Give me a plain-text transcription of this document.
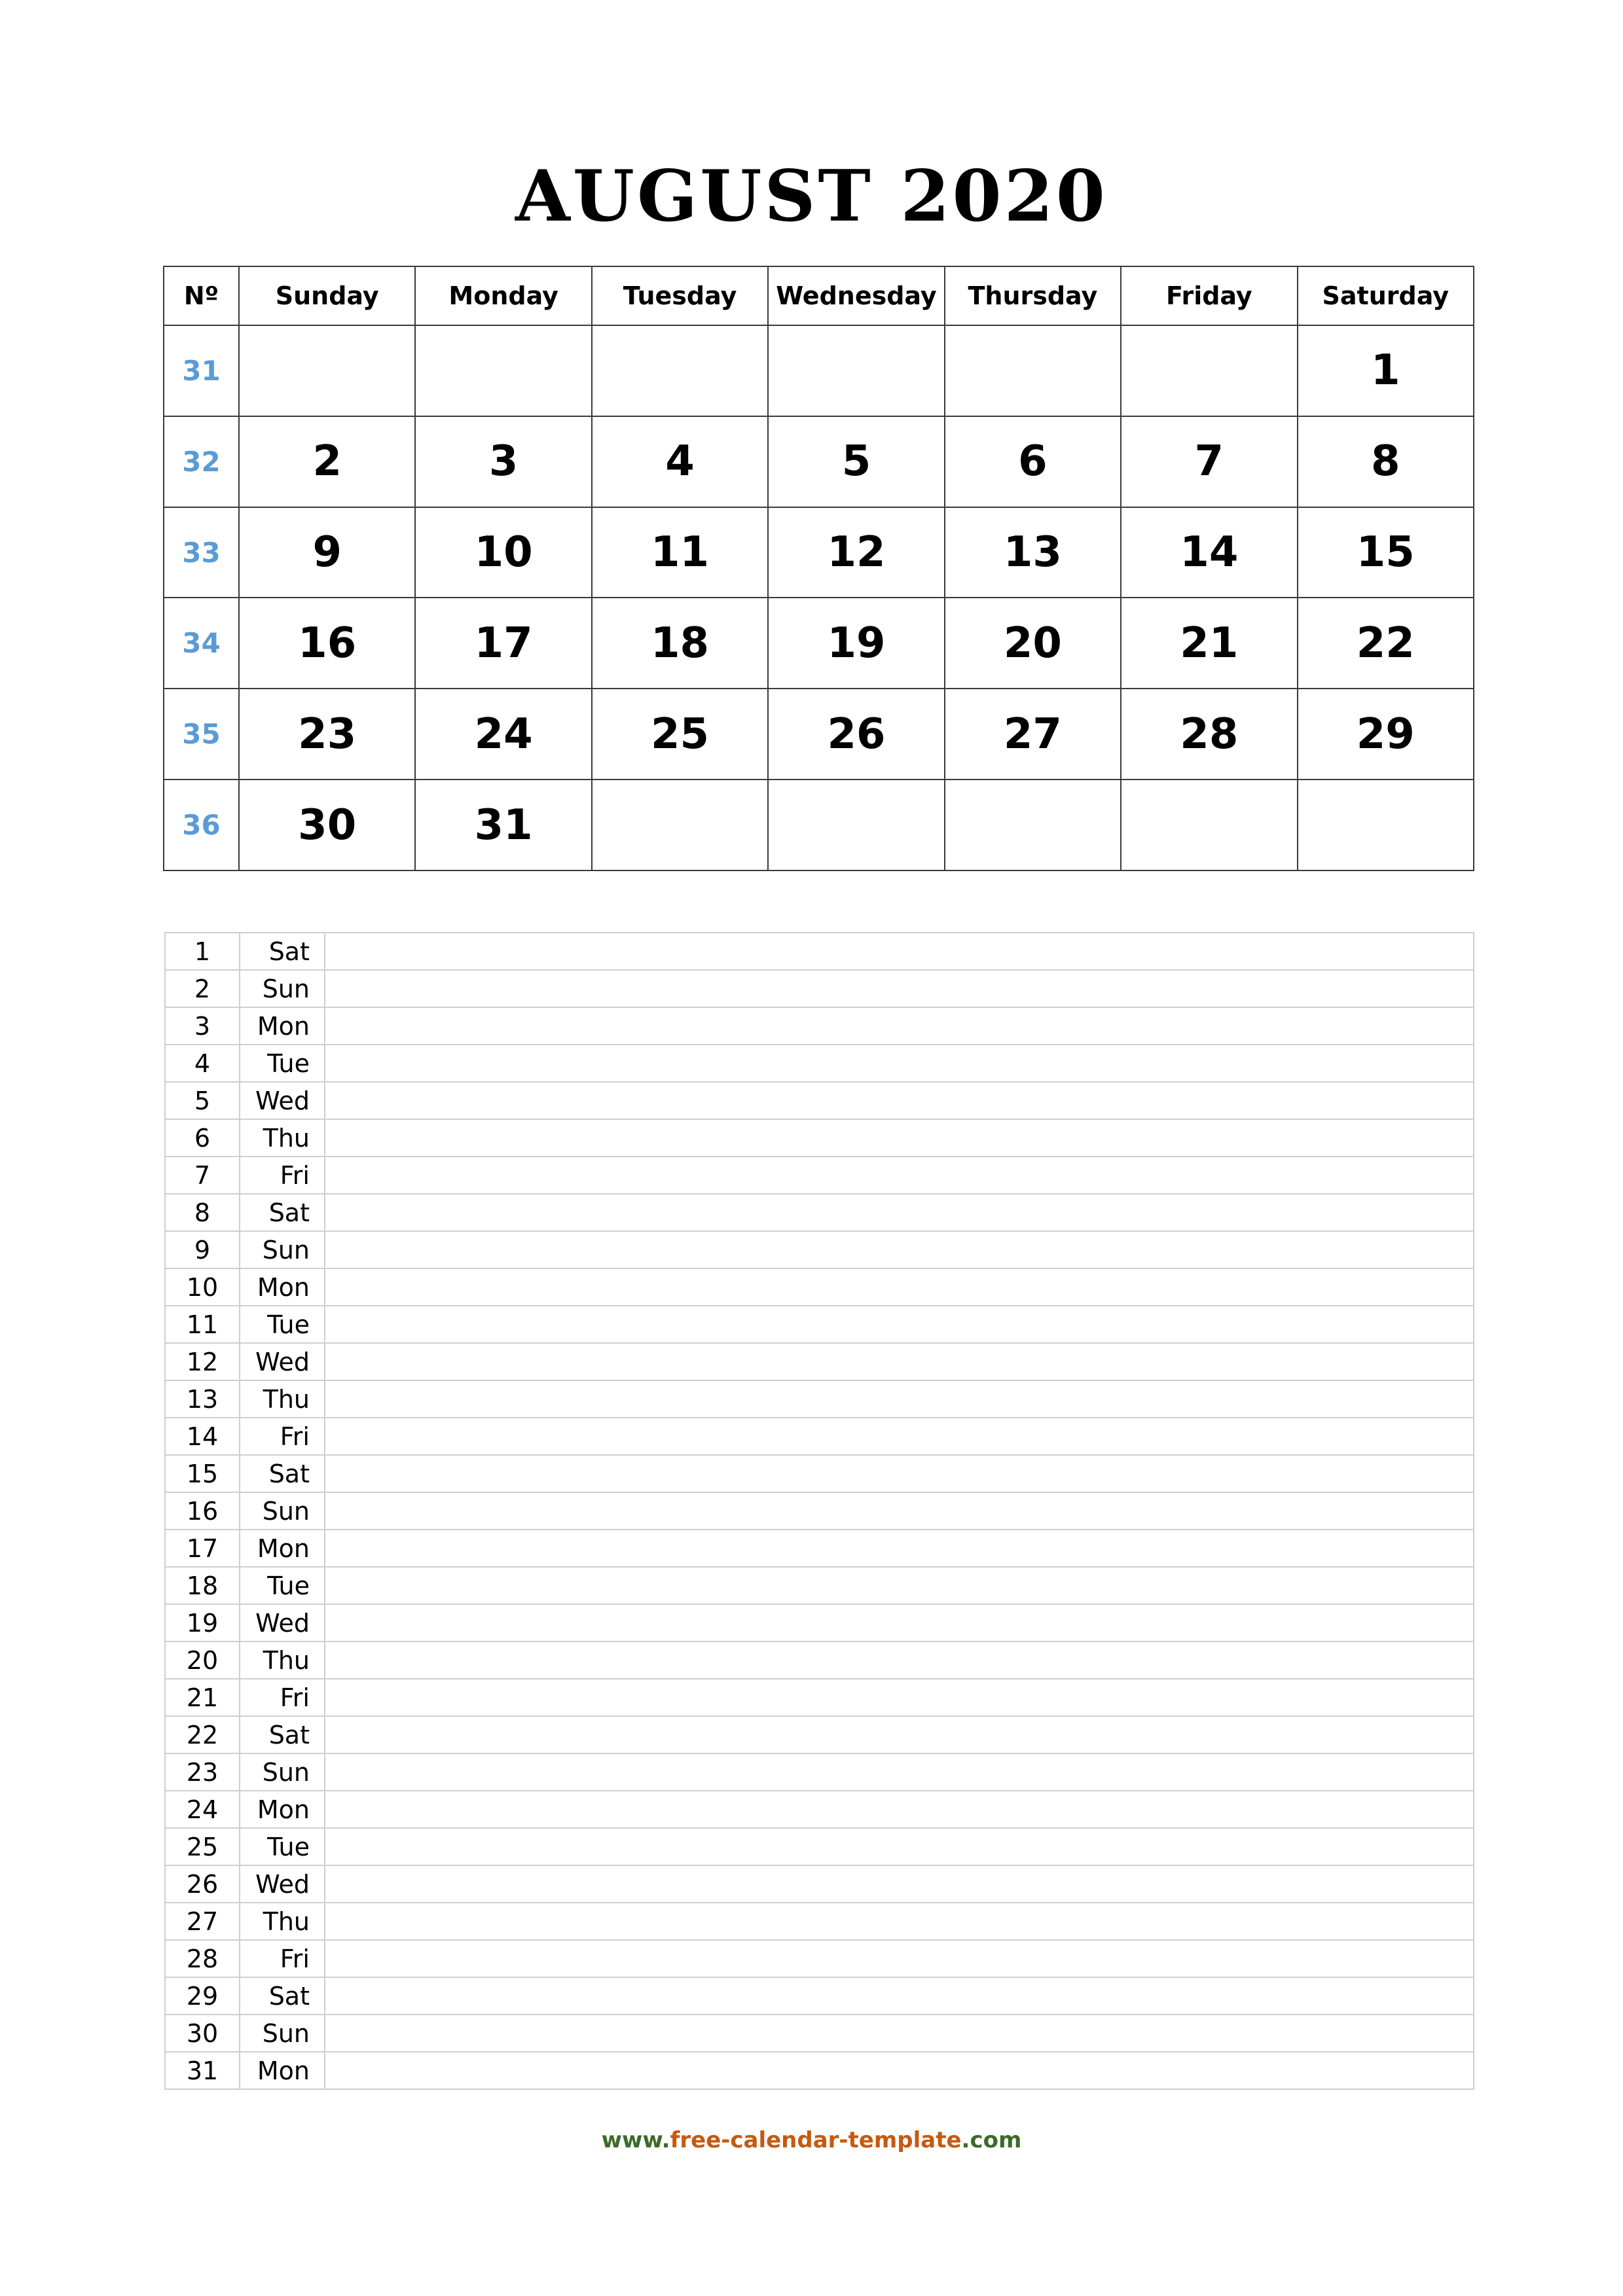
AUGUST 2020
Nº	Sunday	Monday	Tuesday	Wednesday	Thursday	Friday	Saturday
31							1
32	2	3	4	5	6	7	8
33	9	10	11	12	13	14	15
34	16	17	18	19	20	21	22
35	23	24	25	26	27	28	29
36	30	31					
1	Sat	
2	Sun	
3	Mon	
4	Tue	
5	Wed	
6	Thu	
7	Fri	
8	Sat	
9	Sun	
10	Mon	
11	Tue	
12	Wed	
13	Thu	
14	Fri	
15	Sat	
16	Sun	
17	Mon	
18	Tue	
19	Wed	
20	Thu	
21	Fri	
22	Sat	
23	Sun	
24	Mon	
25	Tue	
26	Wed	
27	Thu	
28	Fri	
29	Sat	
30	Sun	
31	Mon	
www.free-calendar-template.com
